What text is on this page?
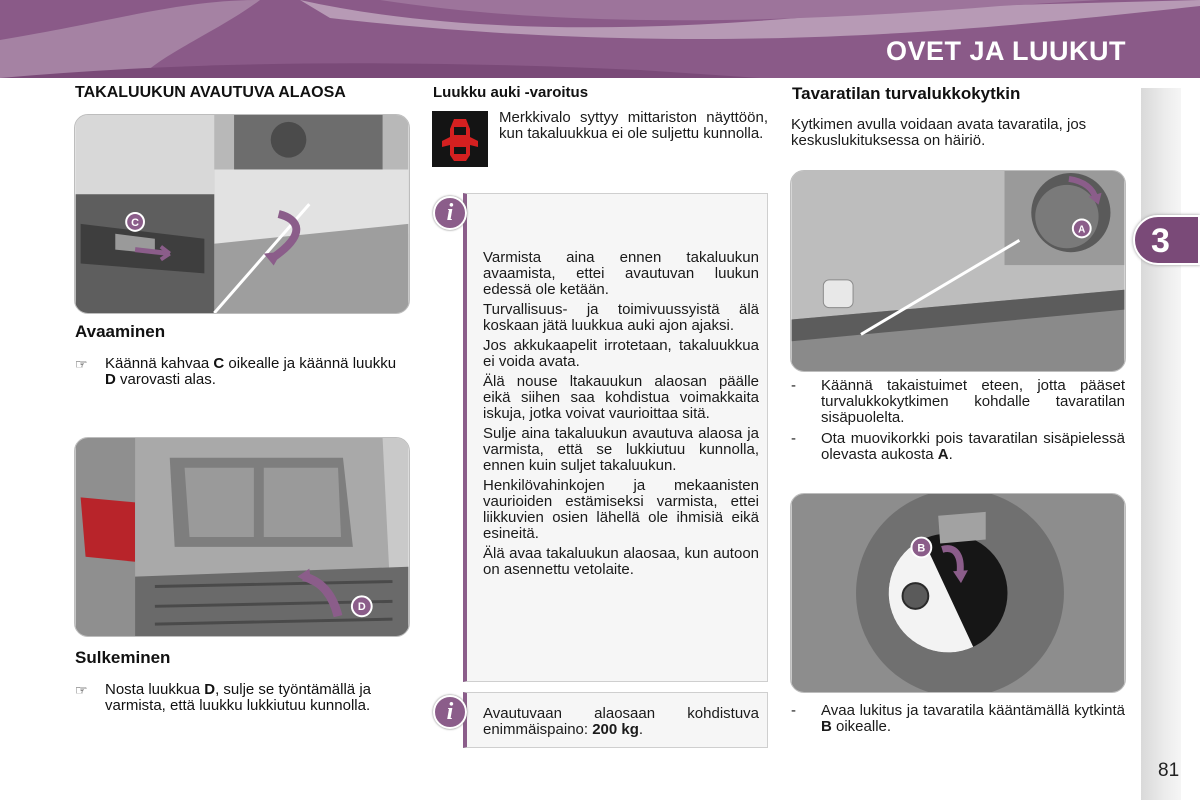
OVET JA LUUKUT
3
TAKALUUKUN AVAUTUVA ALAOSA
C
Avaaminen
☞ Käännä kahvaa C oikealle ja käännä luukku D varovasti alas.
D
Sulkeminen
☞ Nosta luukkua D, sulje se työntämällä ja varmista, että luukku lukkiutuu kunnolla.
Luukku auki -varoitus
Merkkivalo syttyy mittariston näyttöön, kun takaluukkua ei ole suljettu kunnolla.

Varmista aina ennen takaluukun avaamista, ettei avautuvan luukun edessä ole ketään.

Turvallisuus- ja toimivuussyistä älä koskaan jätä luukkua auki ajon ajaksi.

Jos akkukaapelit irrotetaan, takaluukkua ei voida avata.

Älä nouse ltakauukun alaosan päälle eikä siihen saa kohdistua voimakkaita iskuja, jotka voivat vaurioittaa sitä.

Sulje aina takaluukun avautuva alaosa ja varmista, että se lukkiutuu kunnolla, ennen kuin suljet takaluukun.

Henkilövahinkojen ja mekaanisten vaurioiden estämiseksi varmista, ettei liikkuvien osien lähellä ole ihmisiä eikä esineitä.

Älä avaa takaluukun alaosaa, kun autoon on asennettu vetolaite.

i
Avautuvaan alaosaan kohdistuva enimmäispaino: 200 kg.
i
Tavaratilan turvalukkokytkin
Kytkimen avulla voidaan avata tavaratila, jos keskuslukituksessa on häiriö.
A
- Käännä takaistuimet eteen, jotta pääset turvalukkokytkimen kohdalle tavaratilan sisäpuolelta.
- Ota muovikorkki pois tavaratilan sisäpielessä olevasta aukosta A.
B
- Avaa lukitus ja tavaratila kääntämällä kytkintä B oikealle.
81
